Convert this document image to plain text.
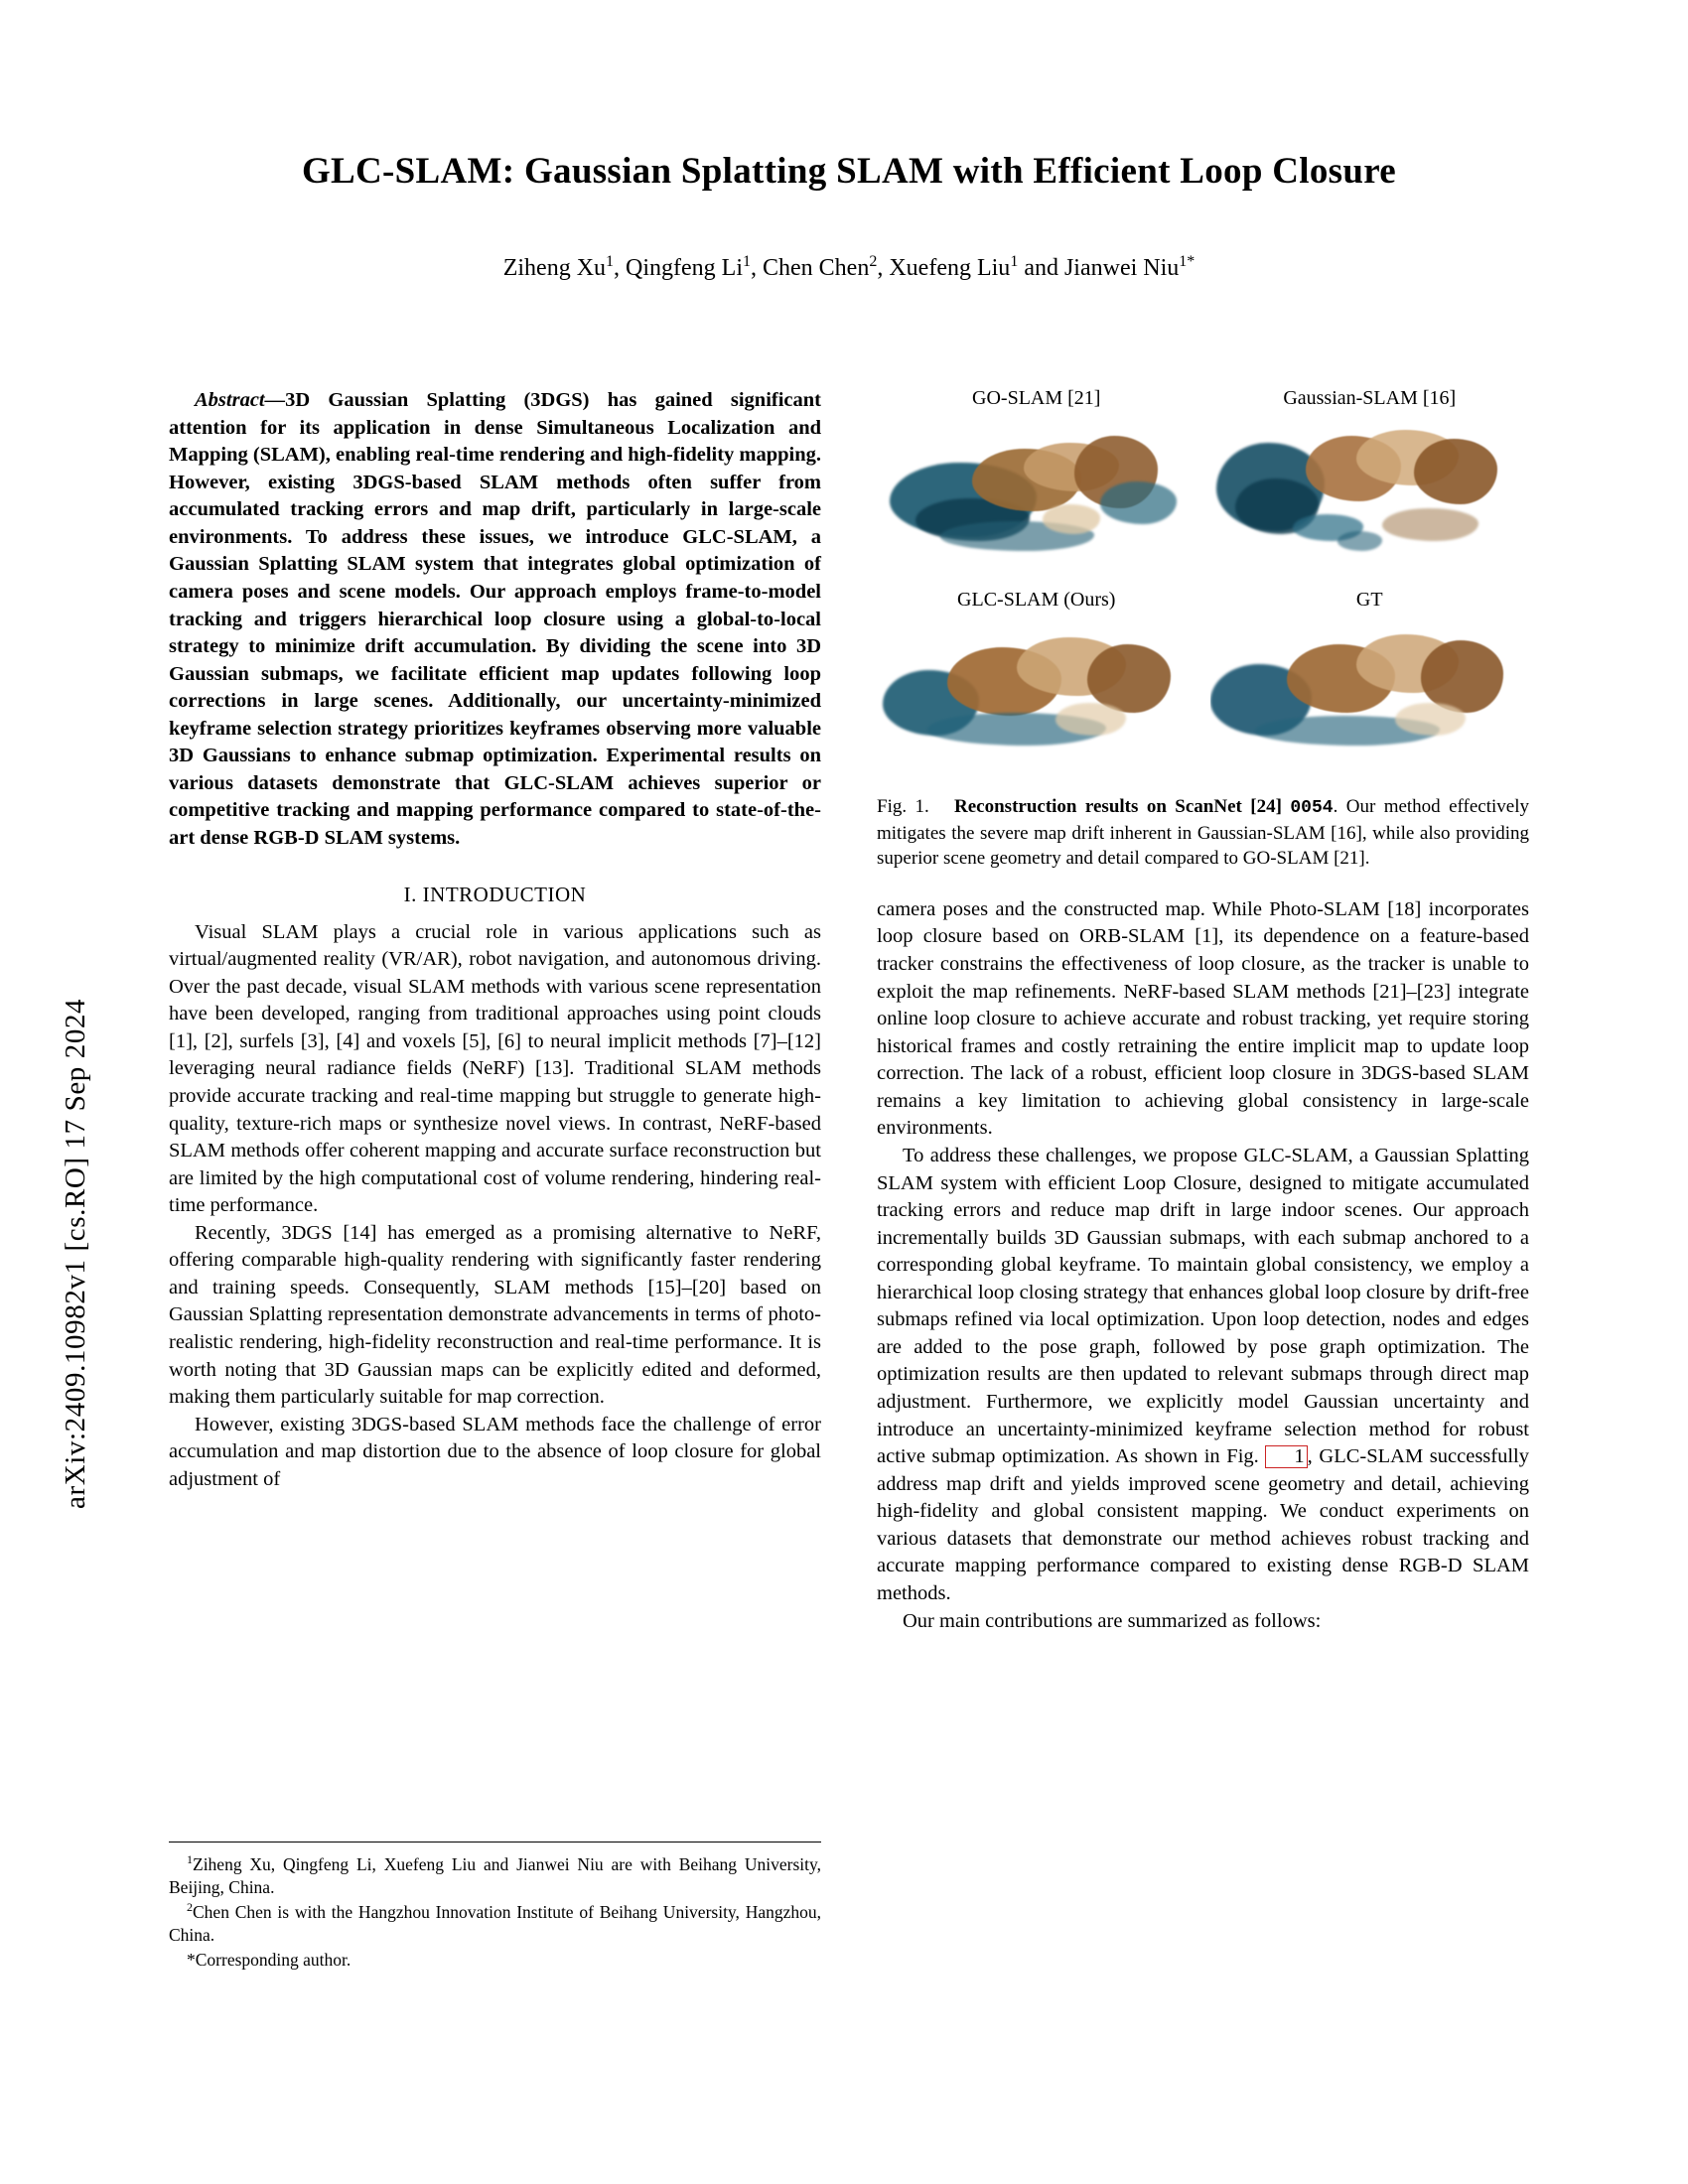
arXiv:2409.10982v1 [cs.RO] 17 Sep 2024
GLC-SLAM: Gaussian Splatting SLAM with Efficient Loop Closure
Ziheng Xu$^1$, Qingfeng Li$^1$, Chen Chen$^2$, Xuefeng Liu$^1$ and Jianwei Niu$^{1*}$
Abstract—3D Gaussian Splatting (3DGS) has gained significant attention for its application in dense Simultaneous Localization and Mapping (SLAM), enabling real-time rendering and high-fidelity mapping. However, existing 3DGS-based SLAM methods often suffer from accumulated tracking errors and map drift, particularly in large-scale environments. To address these issues, we introduce GLC-SLAM, a Gaussian Splatting SLAM system that integrates global optimization of camera poses and scene models. Our approach employs frame-to-model tracking and triggers hierarchical loop closure using a global-to-local strategy to minimize drift accumulation. By dividing the scene into 3D Gaussian submaps, we facilitate efficient map updates following loop corrections in large scenes. Additionally, our uncertainty-minimized keyframe selection strategy prioritizes keyframes observing more valuable 3D Gaussians to enhance submap optimization. Experimental results on various datasets demonstrate that GLC-SLAM achieves superior or competitive tracking and mapping performance compared to state-of-the-art dense RGB-D SLAM systems.
I. INTRODUCTION

Visual SLAM plays a crucial role in various applications such as virtual/augmented reality (VR/AR), robot navigation, and autonomous driving. Over the past decade, visual SLAM methods with various scene representation have been developed, ranging from traditional approaches using point clouds [1], [2], surfels [3], [4] and voxels [5], [6] to neural implicit methods [7]–[12] leveraging neural radiance fields (NeRF) [13]. Traditional SLAM methods provide accurate tracking and real-time mapping but struggle to generate high-quality, texture-rich maps or synthesize novel views. In contrast, NeRF-based SLAM methods offer coherent mapping and accurate surface reconstruction but are limited by the high computational cost of volume rendering, hindering real-time performance.

Recently, 3DGS [14] has emerged as a promising alternative to NeRF, offering comparable high-quality rendering with significantly faster rendering and training speeds. Consequently, SLAM methods [15]–[20] based on Gaussian Splatting representation demonstrate advancements in terms of photo-realistic rendering, high-fidelity reconstruction and real-time performance. It is worth noting that 3D Gaussian maps can be explicitly edited and deformed, making them particularly suitable for map correction.

However, existing 3DGS-based SLAM methods face the challenge of error accumulation and map distortion due to the absence of loop closure for global adjustment of

GO-SLAM [21]	Gaussian-SLAM [16]
GLC-SLAM (Ours)	GT
Fig. 1. Reconstruction results on ScanNet [24] 0054. Our method effectively mitigates the severe map drift inherent in Gaussian-SLAM [16], while also providing superior scene geometry and detail compared to GO-SLAM [21].

camera poses and the constructed map. While Photo-SLAM [18] incorporates loop closure based on ORB-SLAM [1], its dependence on a feature-based tracker constrains the effectiveness of loop closure, as the tracker is unable to exploit the map refinements. NeRF-based SLAM methods [21]–[23] integrate online loop closure to achieve accurate and robust tracking, yet require storing historical frames and costly retraining the entire implicit map to update loop correction. The lack of a robust, efficient loop closure in 3DGS-based SLAM remains a key limitation to achieving global consistency in large-scale environments.

To address these challenges, we propose GLC-SLAM, a Gaussian Splatting SLAM system with efficient Loop Closure, designed to mitigate accumulated tracking errors and reduce map drift in large indoor scenes. Our approach incrementally builds 3D Gaussian submaps, with each submap anchored to a corresponding global keyframe. To maintain global consistency, we employ a hierarchical loop closing strategy that enhances global loop closure by drift-free submaps refined via local optimization. Upon loop detection, nodes and edges are added to the pose graph, followed by pose graph optimization. The optimization results are then updated to relevant submaps through direct map adjustment. Furthermore, we explicitly model Gaussian uncertainty and introduce an uncertainty-minimized keyframe selection method for robust active submap optimization. As shown in Fig. 1 , GLC-SLAM successfully address map drift and yields improved scene geometry and detail, achieving high-fidelity and global consistent mapping. We conduct experiments on various datasets that demonstrate our method achieves robust tracking and accurate mapping performance compared to existing dense RGB-D SLAM methods.

Our main contributions are summarized as follows:

$^1$Ziheng Xu, Qingfeng Li, Xuefeng Liu and Jianwei Niu are with Beihang University, Beijing, China.
$^2$Chen Chen is with the Hangzhou Innovation Institute of Beihang University, Hangzhou, China.
*Corresponding author.
